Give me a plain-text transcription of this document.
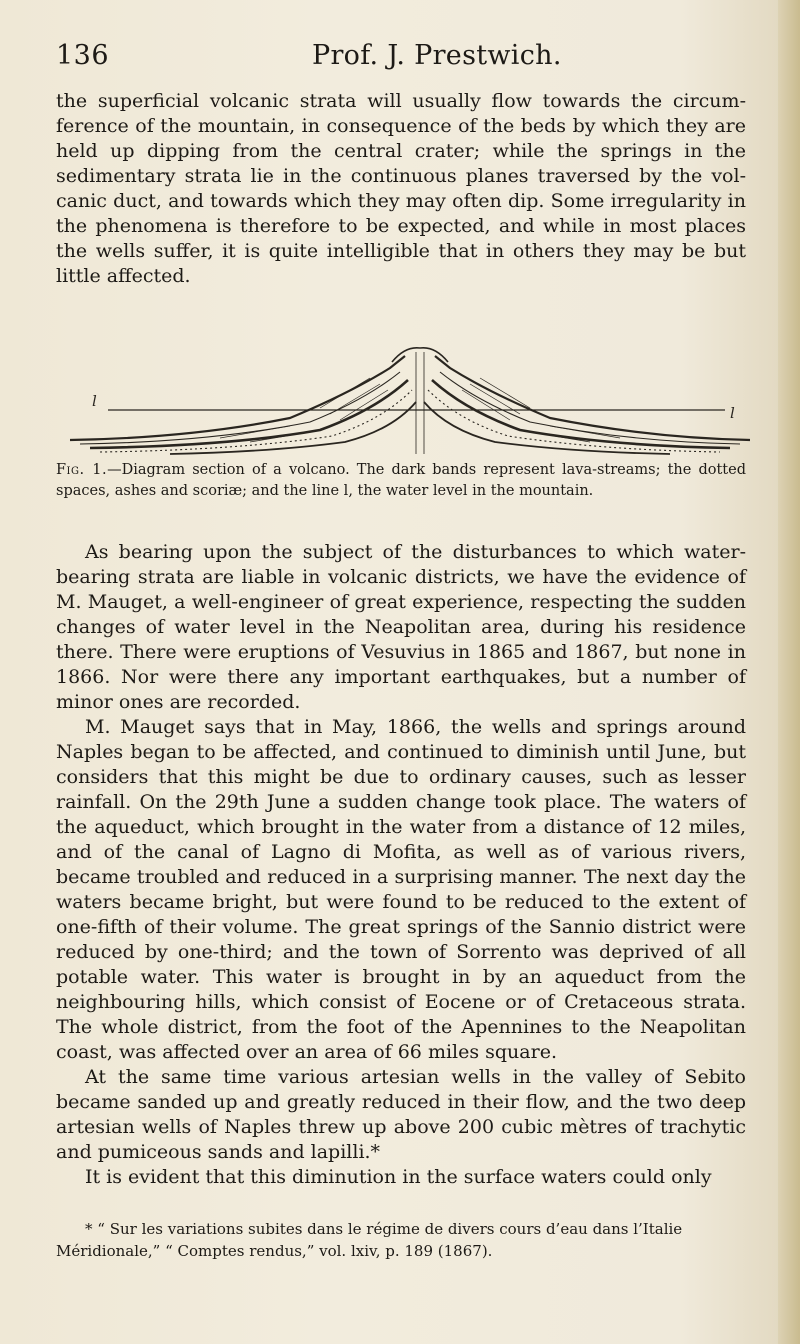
136	Prof. J. Prestwich.

the superficial volcanic strata will usually flow towards the circumference of the mountain, in consequence of the beds by which they are held up dipping from the central crater; while the springs in the sedimentary strata lie in the continuous planes traversed by the volcanic duct, and towards which they may often dip. Some irregularity in the phenomena is therefore to be expected, and while in most places the wells suffer, it is quite intelligible that in others they may be but little affected.

l
l

Fig. 1.—Diagram section of a volcano. The dark bands represent lava-streams; the dotted spaces, ashes and scoriæ; and the line l, the water level in the mountain.

As bearing upon the subject of the disturbances to which water-bearing strata are liable in volcanic districts, we have the evidence of M. Mauget, a well-engineer of great experience, respecting the sudden changes of water level in the Neapolitan area, during his residence there. There were eruptions of Vesuvius in 1865 and 1867, but none in 1866. Nor were there any important earthquakes, but a number of minor ones are recorded.

M. Mauget says that in May, 1866, the wells and springs around Naples began to be affected, and continued to diminish until June, but considers that this might be due to ordinary causes, such as lesser rainfall. On the 29th June a sudden change took place. The waters of the aqueduct, which brought in the water from a distance of 12 miles, and of the canal of Lagno di Mofita, as well as of various rivers, became troubled and reduced in a surprising manner. The next day the waters became bright, but were found to be reduced to the extent of one-fifth of their volume. The great springs of the Sannio district were reduced by one-third; and the town of Sorrento was deprived of all potable water. This water is brought in by an aqueduct from the neighbouring hills, which consist of Eocene or of Cretaceous strata. The whole district, from the foot of the Apennines to the Neapolitan coast, was affected over an area of 66 miles square.

At the same time various artesian wells in the valley of Sebito became sanded up and greatly reduced in their flow, and the two deep artesian wells of Naples threw up above 200 cubic mètres of trachytic and pumiceous sands and lapilli.*

It is evident that this diminution in the surface waters could only

* “ Sur les variations subites dans le régime de divers cours d’eau dans l’Italie Méridionale,” “ Comptes rendus,” vol. lxiv, p. 189 (1867).
